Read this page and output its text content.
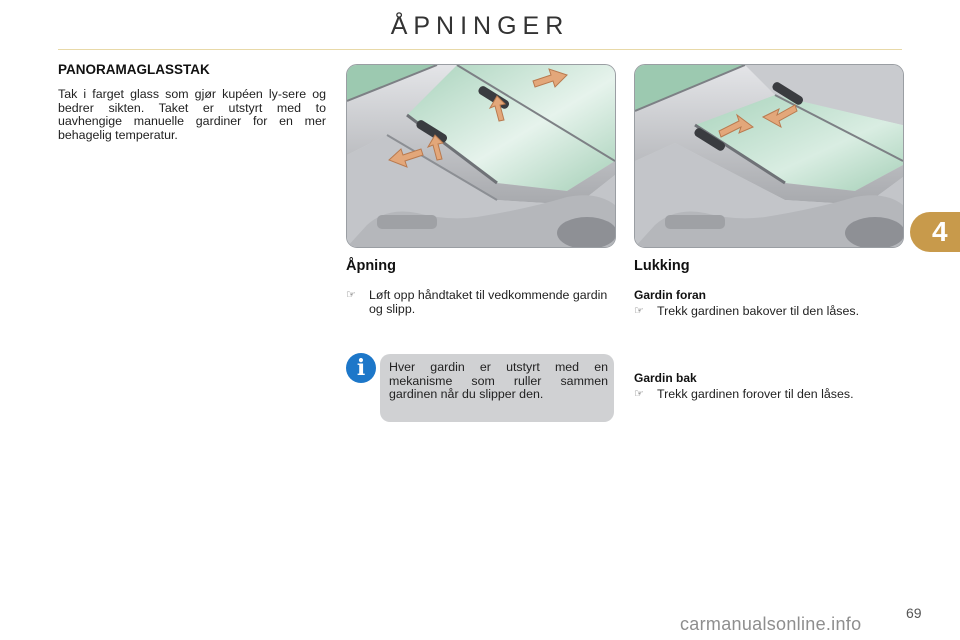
ÅPNINGER
PANORAMAGLASSTAK
Tak i farget glass som gjør kupéen ly-sere og bedrer sikten. Taket er utstyrt med to uavhengige manuelle gardiner for en mer behagelig temperatur.
Åpning	Lukking
☞ Løft opp håndtaket til vedkommende gardin og slipp.
Hver gardin er utstyrt med en mekanisme som ruller sammen gardinen når du slipper den.
i
Gardin foran
☞ Trekk gardinen bakover til den låses.
Gardin bak
☞ Trekk gardinen forover til den låses.
4
69
carmanualsonline.info
